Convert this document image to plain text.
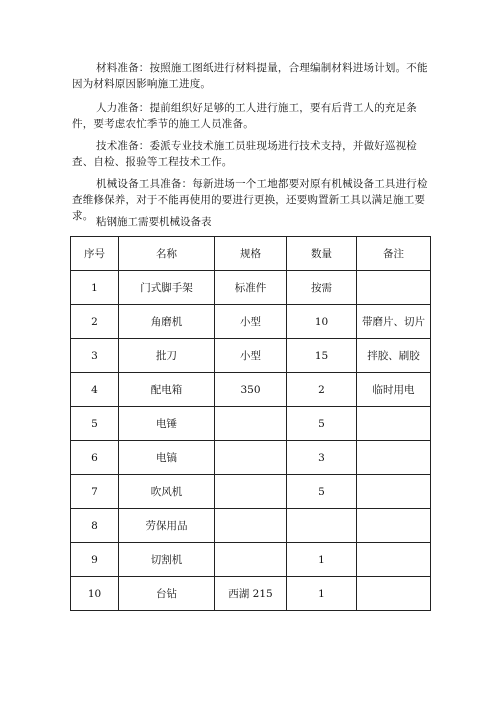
材料准备：按照施工图纸进行材料提量，合理编制材料进场计划。不能因为材料原因影响施工进度。

人力准备：提前组织好足够的工人进行施工，要有后背工人的充足条件，要考虑农忙季节的施工人员准备。

技术准备：委派专业技术施工员驻现场进行技术支持，并做好巡视检查、自检、报验等工程技术工作。

机械设备工具准备：每新进场一个工地都要对原有机械设备工具进行检查维修保养，对于不能再使用的要进行更换，还要购置新工具以满足施工要求。 粘钢施工需要机械设备表

序号	名称	规格	数量	备注
1	门式脚手架	标准件	按需	
2	角磨机	小型	10	带磨片、切片
3	批刀	小型	15	拌胶、刷胶
4	配电箱	350	2	临时用电
5	电锤		5	
6	电镐		3	
7	吹风机		5	
8	劳保用品			
9	切割机		1	
10	台钻	西湖 215	1	
